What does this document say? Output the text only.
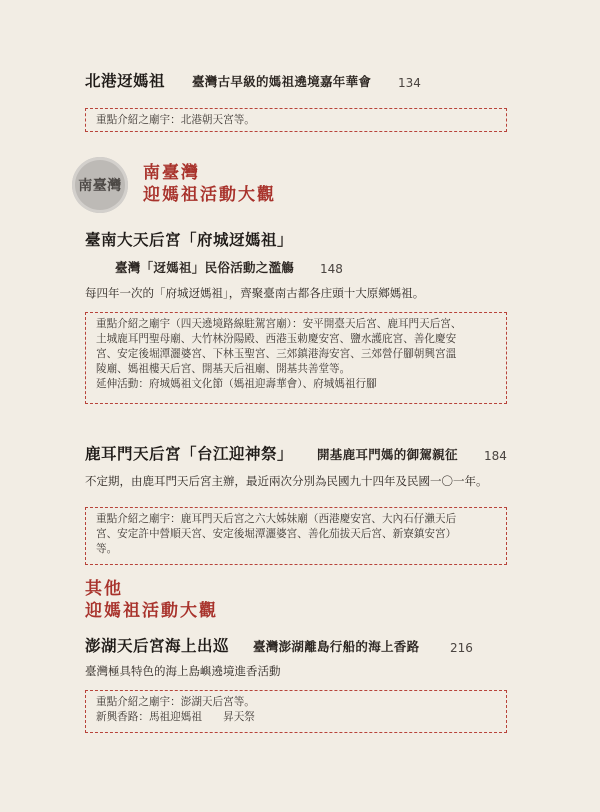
北港迓媽祖 臺灣古早級的媽祖遶境嘉年華會 134
重點介紹之廟宇：北港朝天宮等。
南臺灣
南臺灣
迎媽祖活動大觀
臺南大天后宮「府城迓媽祖」
臺灣「迓媽祖」民俗活動之濫觴 148
每四年一次的「府城迓媽祖」，齊聚臺南古都各庄頭十大原鄉媽祖。
重點介紹之廟宇（四天遶境路線駐駕宮廟）：安平開臺天后宮、鹿耳門天后宮、
土城鹿耳門聖母廟、大竹林汾陽殿、西港玉勅慶安宮、鹽水護庇宮、善化慶安
宮、安定後堀潭灑婆宮、下林玉聖宮、三郊鎮港海安宮、三郊營仔腳朝興宮溫
陵廟、媽祖樓天后宮、開基天后祖廟、開基共善堂等。
延伸活動：府城媽祖文化節（媽祖迎壽華會）、府城媽祖行腳
鹿耳門天后宮「台江迎神祭」 開基鹿耳門媽的御駕親征 184
不定期，由鹿耳門天后宮主辦，最近兩次分別為民國九十四年及民國一〇一年。
重點介紹之廟宇：鹿耳門天后宮之六大姊妹廟（西港慶安宮、大內石仔瀨天后
宮、安定許中營順天宮、安定後堀潭灑婆宮、善化茄拔天后宮、新寮鎮安宮）
等。
其他
迎媽祖活動大觀
澎湖天后宮海上出巡 臺灣澎湖離島行船的海上香路	216
臺灣極具特色的海上島嶼遶境進香活動
重點介紹之廟宇：澎湖天后宮等。
新興香路：馬祖迎媽祖　　昇天祭
